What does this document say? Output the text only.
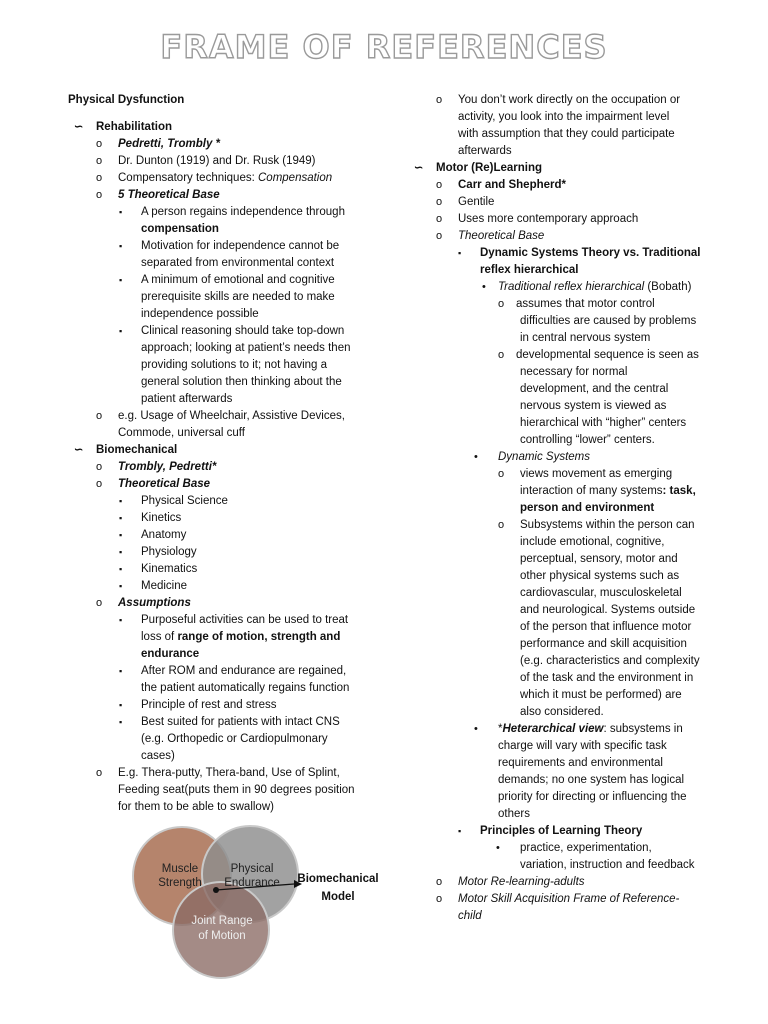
FRAME OF REFERENCES
Physical Dysfunction
∽ Rehabilitation
o Pedretti, Trombly *
o Dr. Dunton (1919) and Dr. Rusk (1949)
o Compensatory techniques: Compensation
o 5 Theoretical Base
▪ A person regains independence through
compensation
▪ Motivation for independence cannot be
separated from environmental context
▪ A minimum of emotional and cognitive
prerequisite skills are needed to make
independence possible
▪ Clinical reasoning should take top-down
approach; looking at patient’s needs then
providing solutions to it; not having a
general solution then thinking about the
patient afterwards
o e.g. Usage of Wheelchair, Assistive Devices,
Commode, universal cuff
∽ Biomechanical
o Trombly, Pedretti*
o Theoretical Base
▪ Physical Science
▪ Kinetics
▪ Anatomy
▪ Physiology
▪ Kinematics
▪ Medicine
o Assumptions
▪ Purposeful activities can be used to treat
loss of range of motion, strength and
endurance
▪ After ROM and endurance are regained,
the patient automatically regains function
▪ Principle of rest and stress
▪ Best suited for patients with intact CNS
(e.g. Orthopedic or Cardiopulmonary
cases)
o E.g. Thera-putty, Thera-band, Use of Splint,
Feeding seat(puts them in 90 degrees position
for them to be able to swallow)
Muscle
Strength
Physical
Endurance
Joint Range
of Motion
Biomechanical
Model
o You don’t work directly on the occupation or
activity, you look into the impairment level
with assumption that they could participate
afterwards
∽ Motor (Re)Learning
o Carr and Shepherd*
o Gentile
o Uses more contemporary approach
o Theoretical Base
▪ Dynamic Systems Theory vs. Traditional
reflex hierarchical
• Traditional reflex hierarchical (Bobath)
o assumes that motor control
difficulties are caused by problems
in central nervous system
o developmental sequence is seen as
necessary for normal
development, and the central
nervous system is viewed as
hierarchical with “higher” centers
controlling “lower” centers.
• Dynamic Systems
o views movement as emerging
interaction of many systems: task,
person and environment
o Subsystems within the person can
include emotional, cognitive,
perceptual, sensory, motor and
other physical systems such as
cardiovascular, musculoskeletal
and neurological. Systems outside
of the person that influence motor
performance and skill acquisition
(e.g. characteristics and complexity
of the task and the environment in
which it must be performed) are
also considered.
• *Heterarchical view: subsystems in
charge will vary with specific task
requirements and environmental
demands; no one system has logical
priority for directing or influencing the
others
▪ Principles of Learning Theory
• practice, experimentation,
variation, instruction and feedback
o Motor Re-learning-adults
o Motor Skill Acquisition Frame of Reference-
child
